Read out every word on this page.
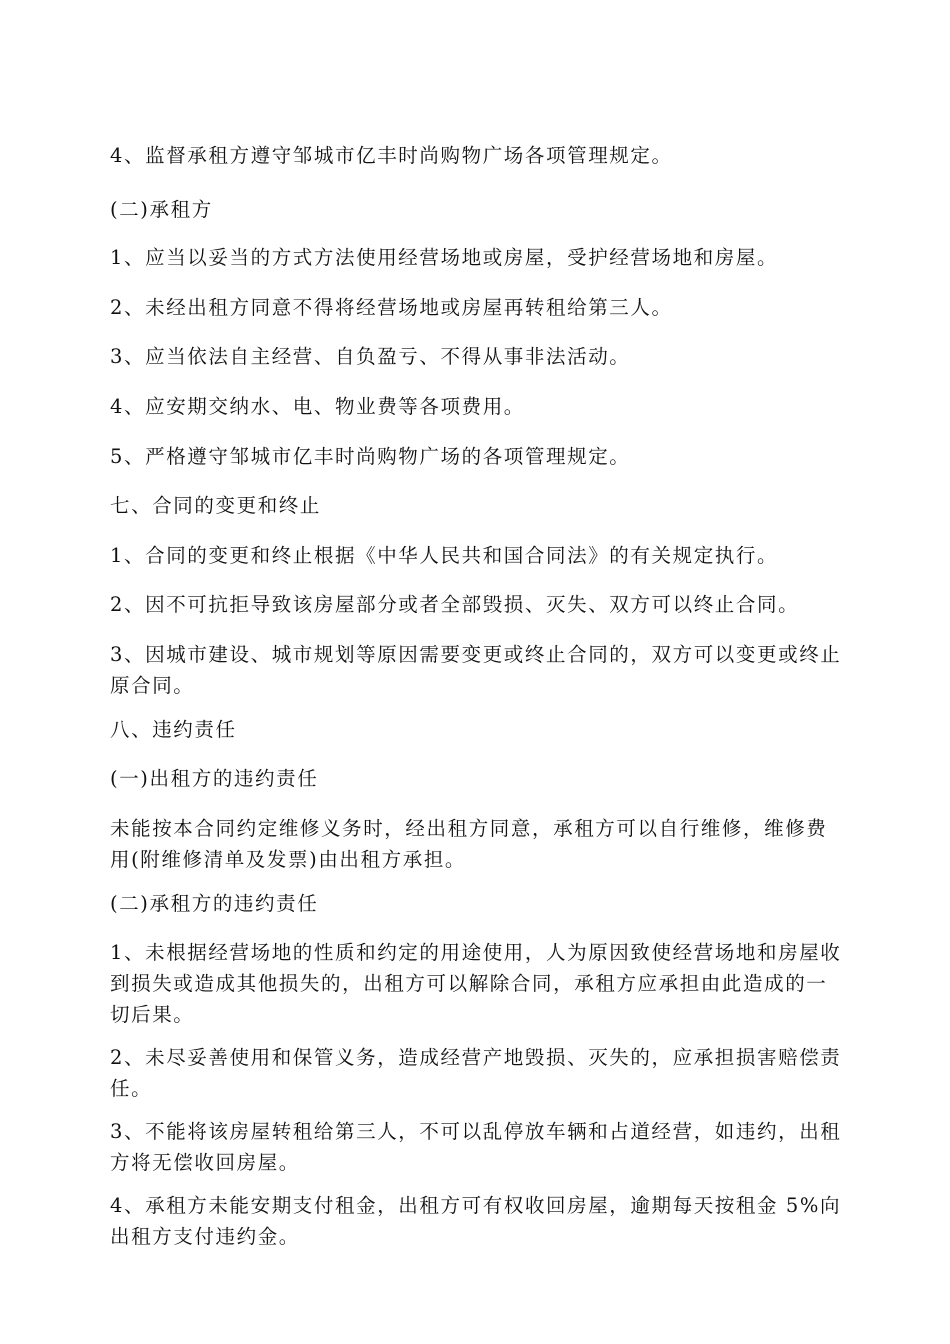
4、监督承租方遵守邹城市亿丰时尚购物广场各项管理规定。

(二)承租方

1、应当以妥当的方式方法使用经营场地或房屋，受护经营场地和房屋。

2、未经出租方同意不得将经营场地或房屋再转租给第三人。

3、应当依法自主经营、自负盈亏、不得从事非法活动。

4、应安期交纳水、电、物业费等各项费用。

5、严格遵守邹城市亿丰时尚购物广场的各项管理规定。

七、合同的变更和终止

1、合同的变更和终止根据《中华人民共和国合同法》的有关规定执行。

2、因不可抗拒导致该房屋部分或者全部毁损、灭失、双方可以终止合同。

3、因城市建设、城市规划等原因需要变更或终止合同的，双方可以变更或终止原合同。

八、违约责任

(一)出租方的违约责任

未能按本合同约定维修义务时，经出租方同意，承租方可以自行维修，维修费用(附维修清单及发票)由出租方承担。

(二)承租方的违约责任

1、未根据经营场地的性质和约定的用途使用，人为原因致使经营场地和房屋收到损失或造成其他损失的，出租方可以解除合同，承租方应承担由此造成的一切后果。

2、未尽妥善使用和保管义务，造成经营产地毁损、灭失的，应承担损害赔偿责任。

3、不能将该房屋转租给第三人，不可以乱停放车辆和占道经营，如违约，出租方将无偿收回房屋。

4、承租方未能安期支付租金，出租方可有权收回房屋，逾期每天按租金 5%向出租方支付违约金。
